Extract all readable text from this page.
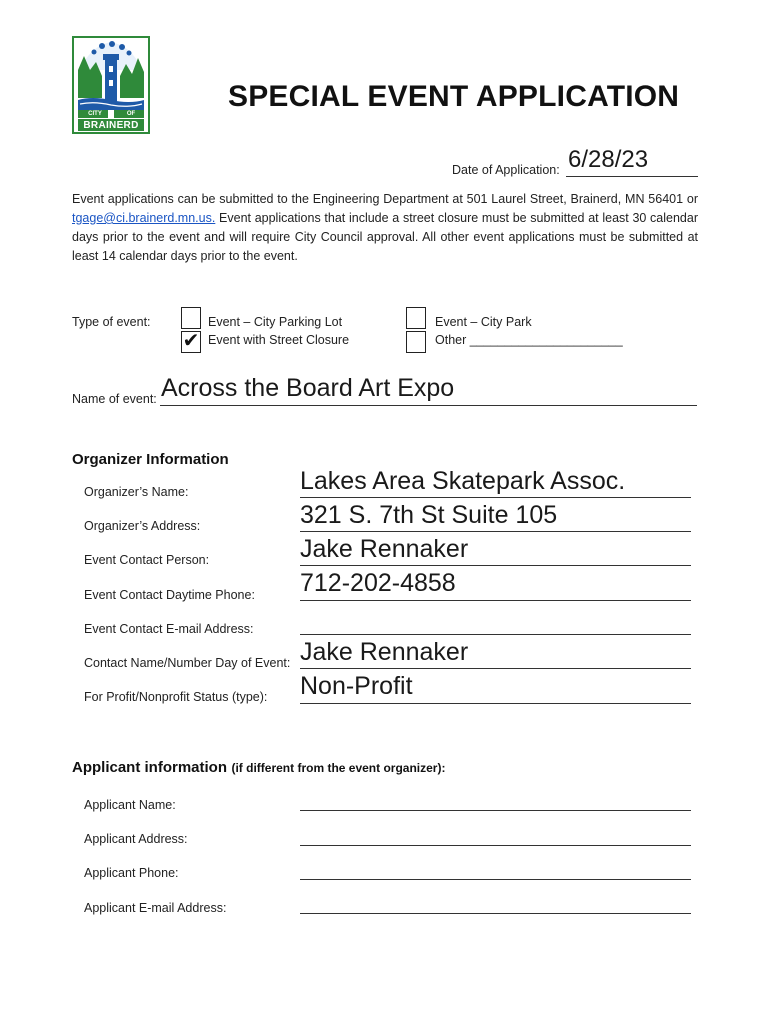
CITY	OF
BRAINERD
SPECIAL EVENT APPLICATION
Date of Application: 6/28/23
Event applications can be submitted to the Engineering Department at 501 Laurel Street, Brainerd, MN 56401 or tgage@ci.brainerd.mn.us. Event applications that include a street closure must be submitted at least 30 calendar days prior to the event and will require City Council approval. All other event applications must be submitted at least 14 calendar days prior to the event.
Type of event:	Event – City Parking Lot
✔ Event with Street Closure
Event – City Park
Other ______________________
Name of event: Across the Board Art Expo
Organizer Information
Organizer’s Name:	Lakes Area Skatepark Assoc.
Organizer’s Address:	321 S. 7th St Suite 105
Event Contact Person:	Jake Rennaker
Event Contact Daytime Phone: 712-202-4858
Event Contact E-mail Address:
Contact Name/Number Day of Event: Jake Rennaker
For Profit/Nonprofit Status (type): Non-Profit
Applicant information (if different from the event organizer):
Applicant Name:
Applicant Address:
Applicant Phone:
Applicant E-mail Address:
